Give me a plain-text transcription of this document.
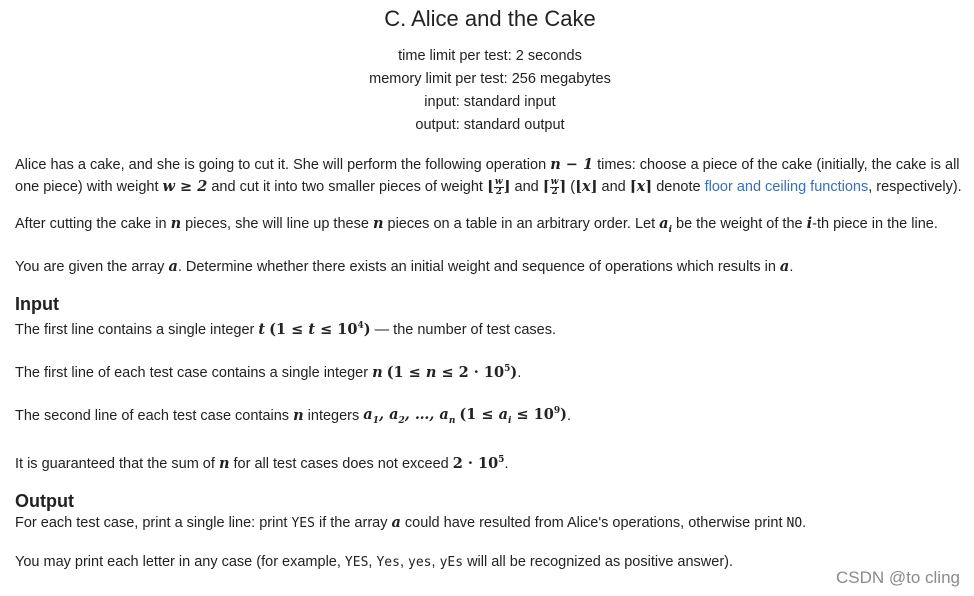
C. Alice and the Cake
time limit per test: 2 seconds
memory limit per test: 256 megabytes
input: standard input
output: standard output

Alice has a cake, and she is going to cut it. She will perform the following operation n − 1 times: choose a piece of the cake (initially, the cake is all one piece) with weight w ≥ 2 and cut it into two smaller pieces of weight ⌊ $\frac{w}{2}$ ⌋ and ⌈ $\frac{w}{2}$ ⌉ (⌊x⌋ and ⌈x⌉ denote floor and ceiling functions, respectively).

After cutting the cake in n pieces, she will line up these n pieces on a table in an arbitrary order. Let $a_i$ be the weight of the i-th piece in the line.

You are given the array a. Determine whether there exists an initial weight and sequence of operations which results in a.

Input

The first line contains a single integer t $(1 \le t \le 10^4)$ — the number of test cases.

The first line of each test case contains a single integer n $(1 \le n \le 2 \cdot 10^5)$.

The second line of each test case contains n integers $a_1$, $a_2$, …, $a_n$ $(1 \le a_i \le 10^9)$.

It is guaranteed that the sum of n for all test cases does not exceed $2 \cdot 10^5$.

Output

For each test case, print a single line: print YES if the array a could have resulted from Alice's operations, otherwise print NO.

You may print each letter in any case (for example, YES, Yes, yes, yEs will all be recognized as positive answer).

CSDN @to cling
